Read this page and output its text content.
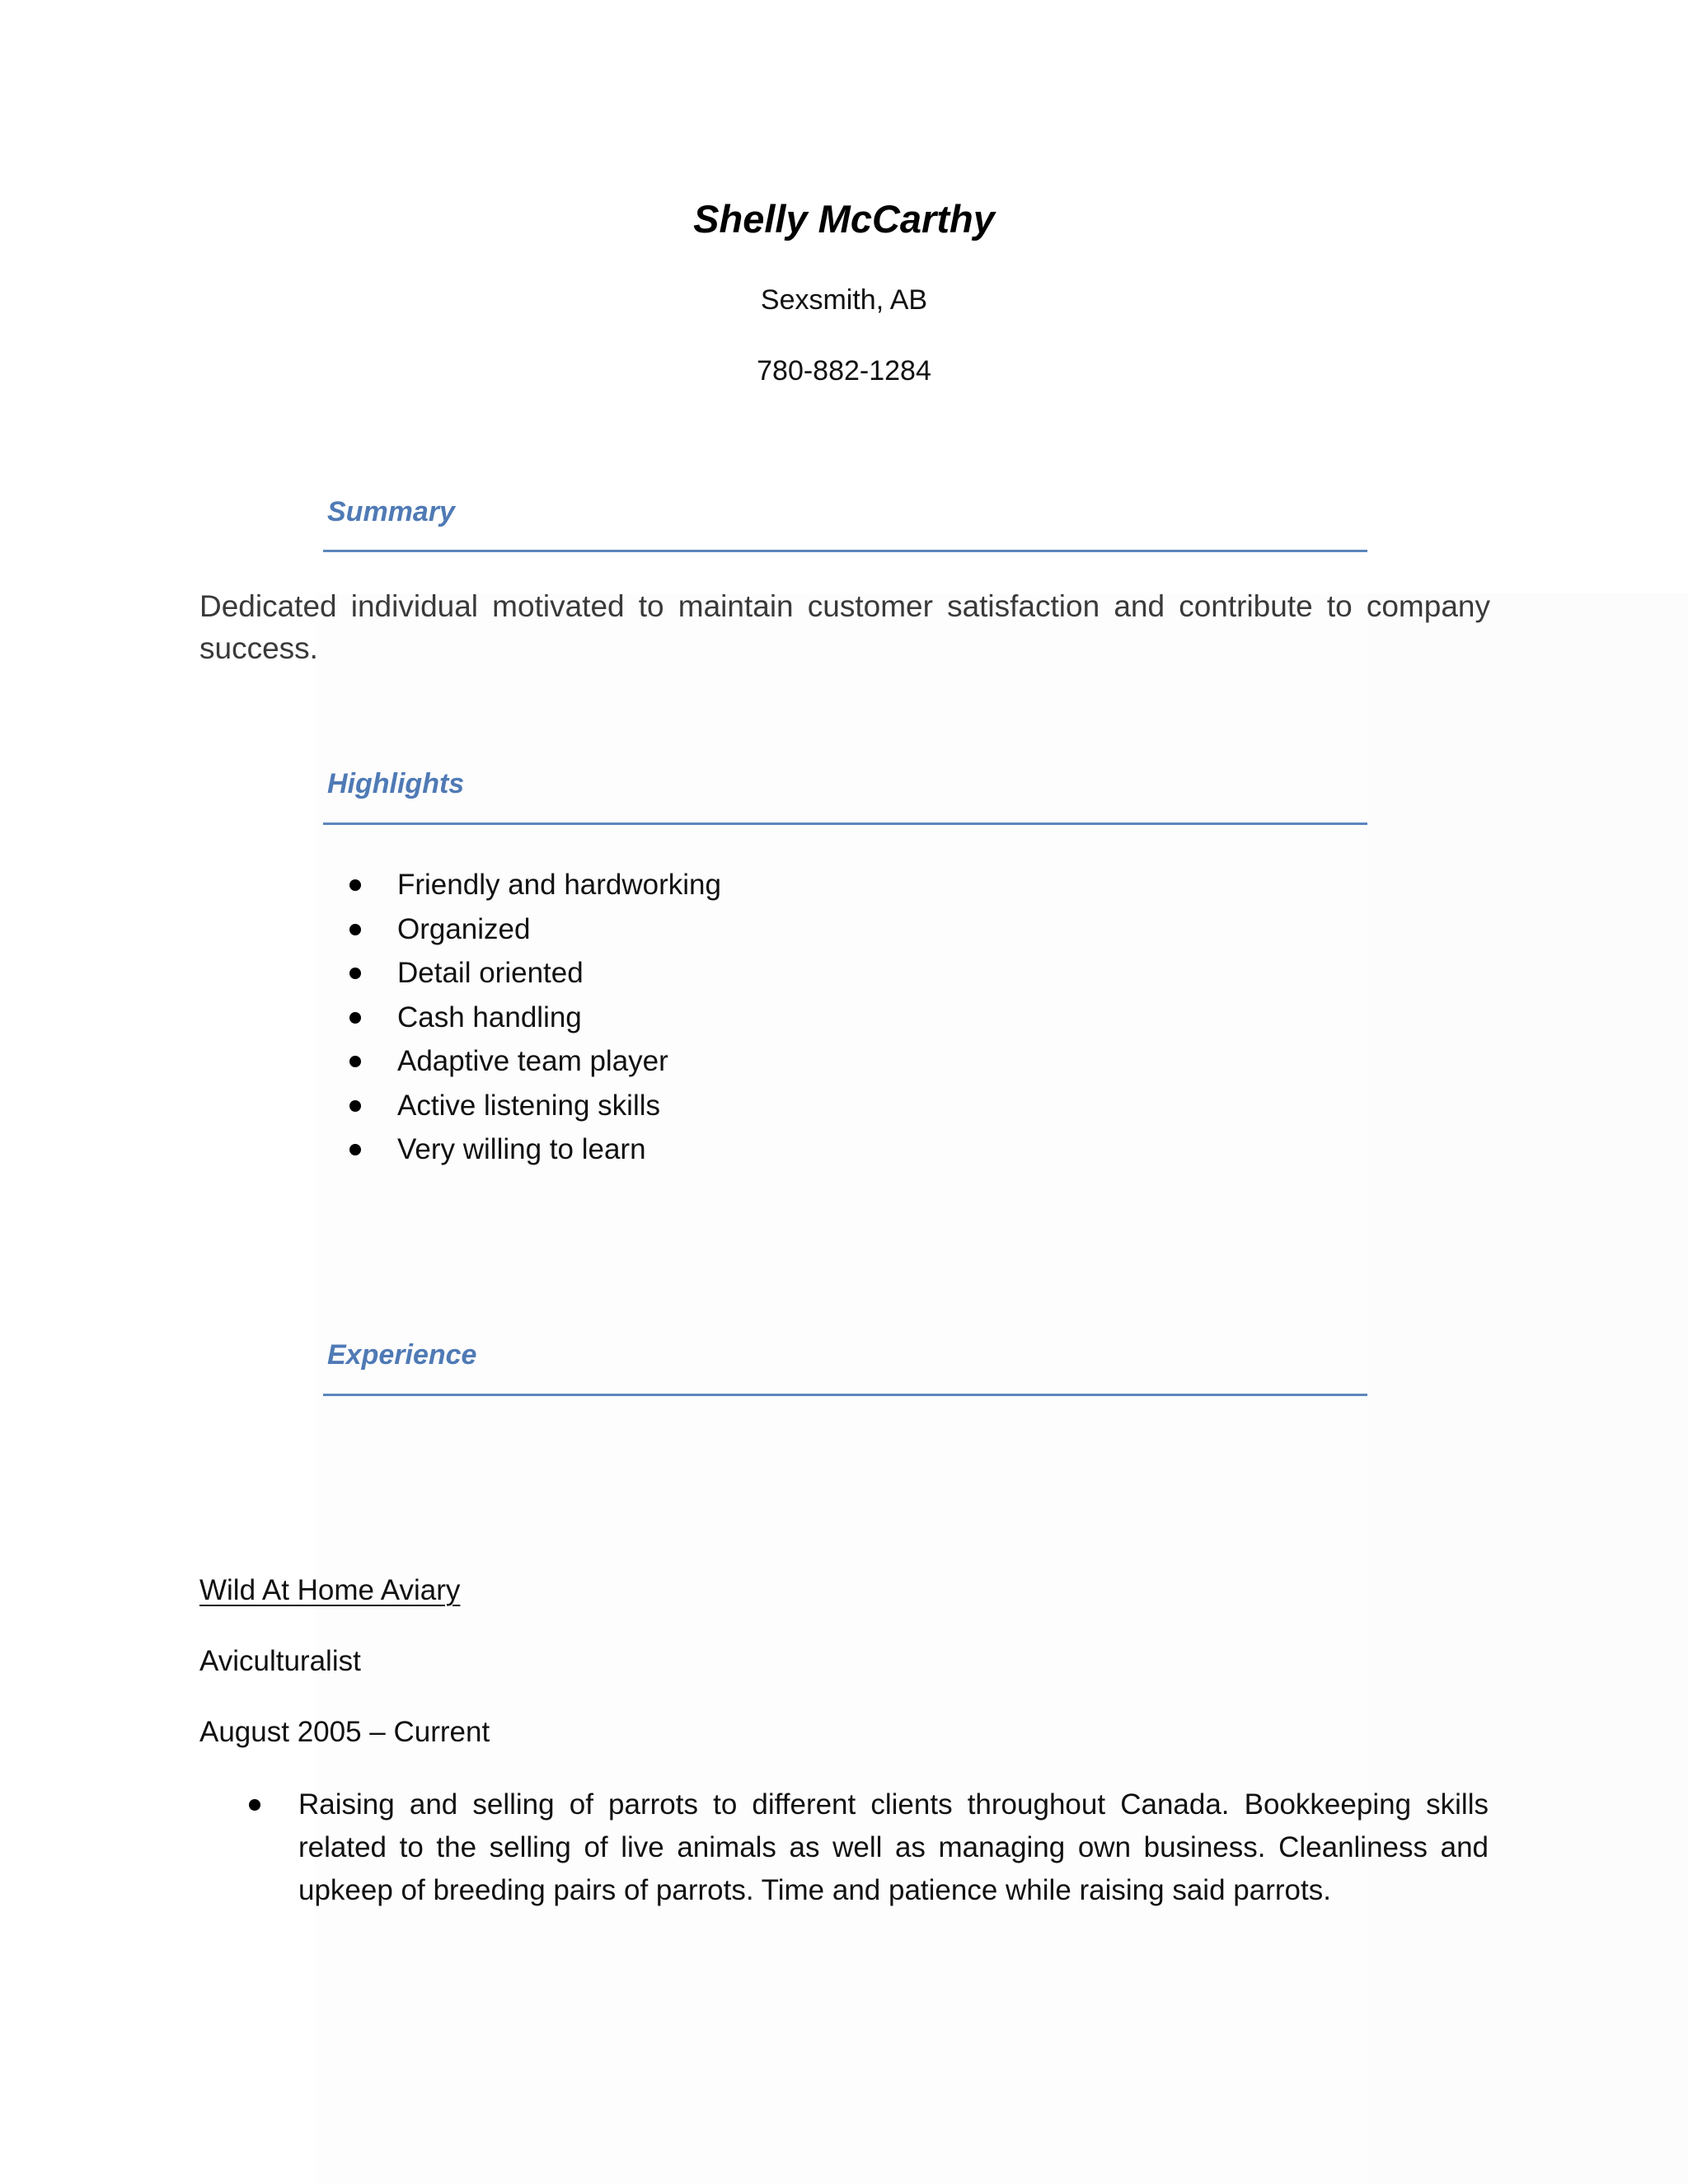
Shelly McCarthy
Sexsmith, AB
780-882-1284
Summary
Dedicated individual motivated to maintain customer satisfaction and contribute to company success.
Highlights
Friendly and hardworking
Organized
Detail oriented
Cash handling
Adaptive team player
Active listening skills
Very willing to learn
Experience
Wild At Home Aviary
Aviculturalist
August 2005 – Current
Raising and selling of parrots to different clients throughout Canada. Bookkeeping skills related to the selling of live animals as well as managing own business. Cleanliness and upkeep of breeding pairs of parrots. Time and patience while raising said parrots.
